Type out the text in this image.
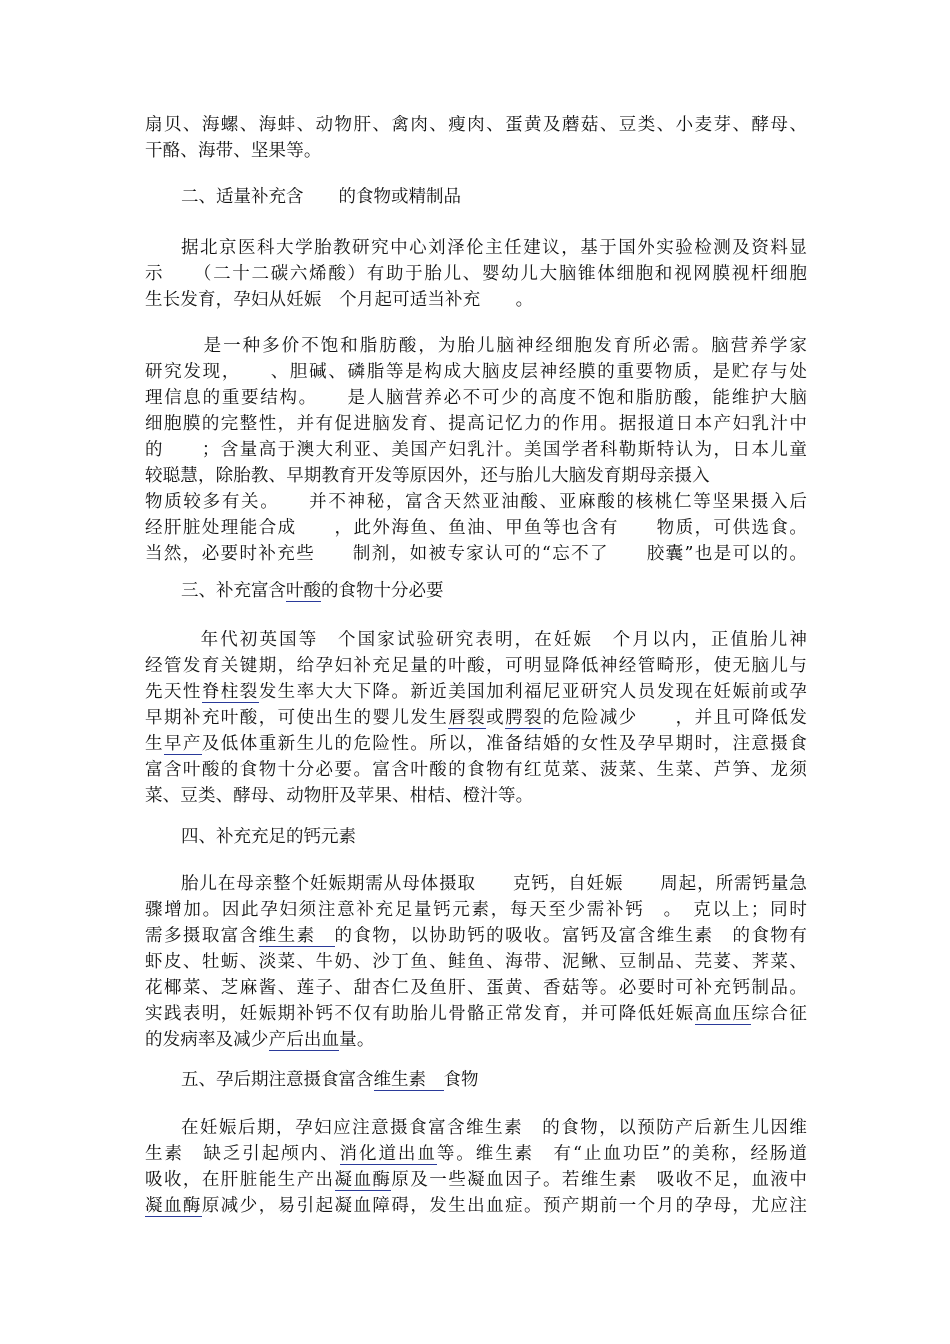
扇贝、海螺、海蚌、动物肝、禽肉、瘦肉、蛋黄及蘑菇、豆类、小麦芽、酵母、
干酪、海带、坚果等。
二、适量补充含　　的食物或精制品
据北京医科大学胎教研究中心刘泽伦主任建议，基于国外实验检测及资料显
示　　（二十二碳六烯酸）有助于胎儿、婴幼儿大脑锥体细胞和视网膜视杆细胞
生长发育，孕妇从妊娠　个月起可适当补充　　。
　　　是一种多价不饱和脂肪酸，为胎儿脑神经细胞发育所必需。脑营养学家
研究发现，　　、胆碱、磷脂等是构成大脑皮层神经膜的重要物质，是贮存与处
理信息的重要结构。　　是人脑营养必不可少的高度不饱和脂肪酸，能维护大脑
细胞膜的完整性，并有促进脑发育、提高记忆力的作用。据报道日本产妇乳汁中
的　　；含量高于澳大利亚、美国产妇乳汁。美国学者科勒斯特认为，日本儿童
较聪慧，除胎教、早期教育开发等原因外，还与胎儿大脑发育期母亲摄入
物质较多有关。　　并不神秘，富含天然亚油酸、亚麻酸的核桃仁等坚果摄入后
经肝脏处理能合成　　，此外海鱼、鱼油、甲鱼等也含有　　物质，可供选食。
当然，必要时补充些　　制剂，如被专家认可的“忘不了　　胶囊”也是可以的。
三、补充富含叶酸的食物十分必要
　年代初英国等　个国家试验研究表明，在妊娠　个月以内，正值胎儿神
经管发育关键期，给孕妇补充足量的叶酸，可明显降低神经管畸形，使无脑儿与
先天性脊柱裂发生率大大下降。新近美国加利福尼亚研究人员发现在妊娠前或孕
早期补充叶酸，可使出生的婴儿发生唇裂或腭裂的危险减少　　，并且可降低发
生早产及低体重新生儿的危险性。所以，准备结婚的女性及孕早期时，注意摄食
富含叶酸的食物十分必要。富含叶酸的食物有红苋菜、菠菜、生菜、芦笋、龙须
菜、豆类、酵母、动物肝及苹果、柑桔、橙汁等。
四、补充充足的钙元素
胎儿在母亲整个妊娠期需从母体摄取　　克钙，自妊娠　　周起，所需钙量急
骤增加。因此孕妇须注意补充足量钙元素，每天至少需补钙　。　克以上；同时
需多摄取富含维生素　的食物，以协助钙的吸收。富钙及富含维生素　的食物有
虾皮、牡蛎、淡菜、牛奶、沙丁鱼、鲑鱼、海带、泥鳅、豆制品、芫荽、荠菜、
花椰菜、芝麻酱、莲子、甜杏仁及鱼肝、蛋黄、香菇等。必要时可补充钙制品。
实践表明，妊娠期补钙不仅有助胎儿骨骼正常发育，并可降低妊娠高血压综合征
的发病率及减少产后出血量。
五、孕后期注意摄食富含维生素　食物
在妊娠后期，孕妇应注意摄食富含维生素　的食物，以预防产后新生儿因维
生素　缺乏引起颅内、消化道出血等。维生素　有“止血功臣”的美称，经肠道
吸收，在肝脏能生产出凝血酶原及一些凝血因子。若维生素　吸收不足，血液中
凝血酶原减少，易引起凝血障碍，发生出血症。预产期前一个月的孕母，尤应注
